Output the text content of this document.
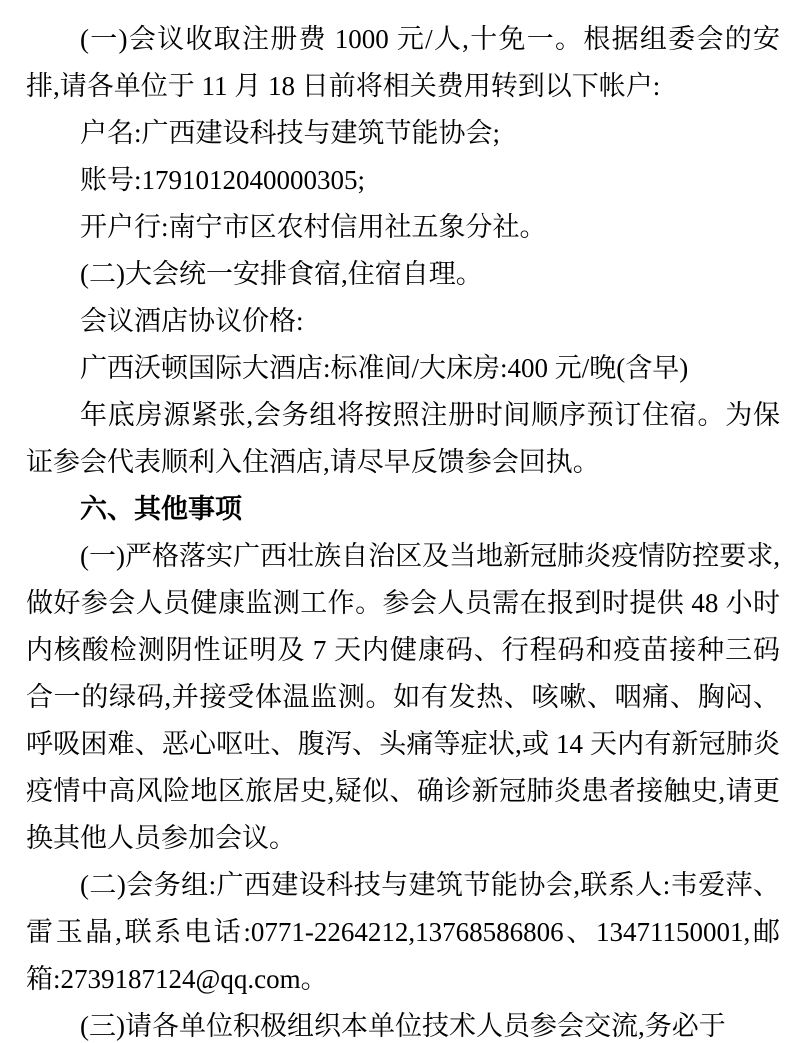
(一)会议收取注册费 1000 元/人,十免一。根据组委会的安排,请各单位于 11 月 18 日前将相关费用转到以下帐户:

户名:广西建设科技与建筑节能协会;

账号:1791012040000305;

开户行:南宁市区农村信用社五象分社。

(二)大会统一安排食宿,住宿自理。

会议酒店协议价格:

广西沃顿国际大酒店:标准间/大床房:400 元/晚(含早)

年底房源紧张,会务组将按照注册时间顺序预订住宿。为保证参会代表顺利入住酒店,请尽早反馈参会回执。

六、其他事项

(一)严格落实广西壮族自治区及当地新冠肺炎疫情防控要求,做好参会人员健康监测工作。参会人员需在报到时提供 48 小时内核酸检测阴性证明及 7 天内健康码、行程码和疫苗接种三码合一的绿码,并接受体温监测。如有发热、咳嗽、咽痛、胸闷、呼吸困难、恶心呕吐、腹泻、头痛等症状,或 14 天内有新冠肺炎疫情中高风险地区旅居史,疑似、确诊新冠肺炎患者接触史,请更换其他人员参加会议。

(二)会务组:广西建设科技与建筑节能协会,联系人:韦爱萍、雷玉晶,联系电话:0771-2264212,13768586806、13471150001,邮箱:2739187124@qq.com。

(三)请各单位积极组织本单位技术人员参会交流,务必于
